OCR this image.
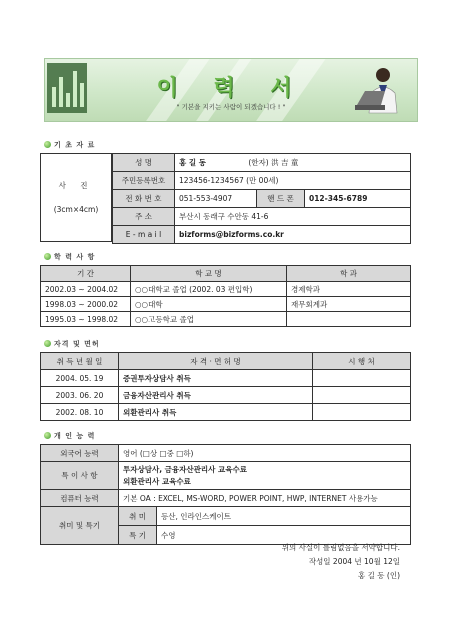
이 력 서
" 기본을 지키는 사람이 되겠습니다 ! "
기 초 자 료
사 진
(3cm×4cm)
성 명	홍 길 동 (한자) 洪 吉 童		
주민등록번호	123456-1234567 (만 00세)		
전 화 번 호	051-553-4907	핸 드 폰	012-345-6789
주 소	부산시 동래구 수안동 41-6		
E - m a i l	bizforms@bizforms.co.kr		
학 력 사 항
기 간	학 교 명	학 과
2002.03 ~ 2004.02	○○대학교 졸업 (2002. 03 편입학)	경제학과
1998.03 ~ 2000.02	○○대학	재무회계과
1995.03 ~ 1998.02	○○고등학교 졸업	
자격 및 면허
취 득 년 월 일	자 격 · 면 허 명	시 행 처
2004. 05. 19	증권투자상담사 취득	
2003. 06. 20	금융자산관리사 취득	
2002. 08. 10	외환관리사 취득	
개 인 능 력
외국어 능력	영어 (□상 □중 □하)	
특 이 사 항	투자상담사, 금융자산관리사 교육수료
외환관리사 교육수료	

컴퓨터 능력	기본 OA : EXCEL, MS-WORD, POWER POINT, HWP, INTERNET 사용가능	
취미 및 특기	취 미	등산, 인라인스케이트
	특 기	수영
위의 사실이 틀림없음을 서약합니다.
작성일 2004 년 10월 12일
홍 길 동 (인)
